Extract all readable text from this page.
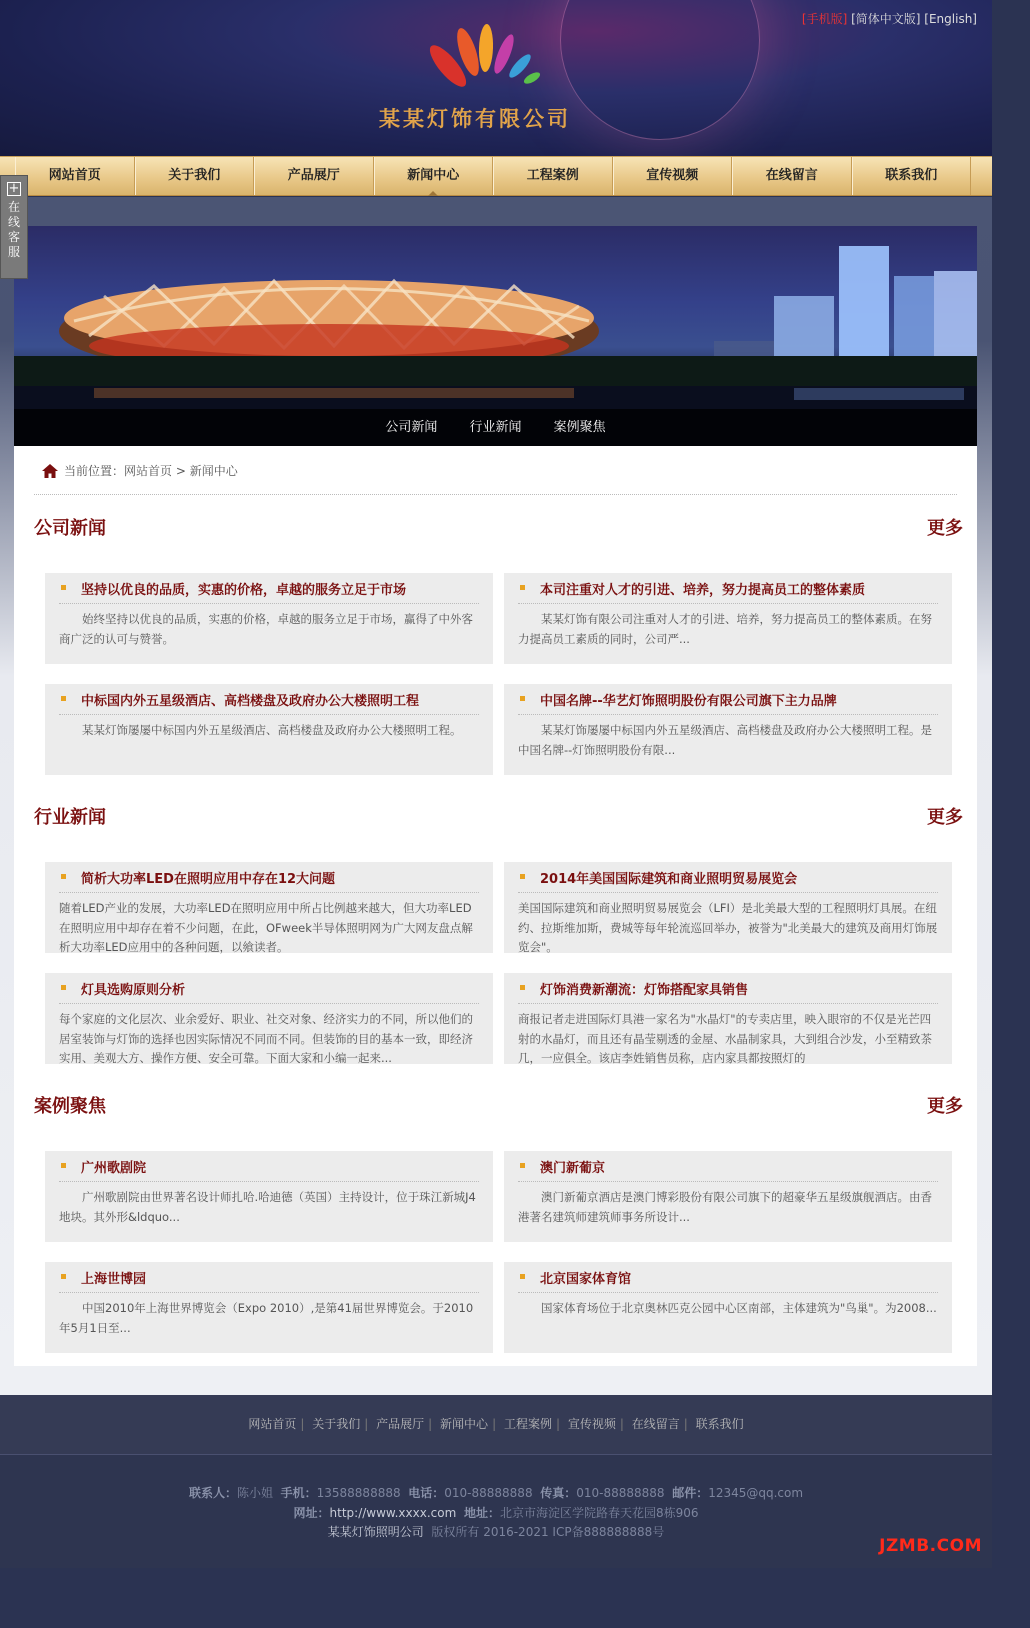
[手机版] [简体中文版] [English]
某某灯饰有限公司
网站首页	关于我们	产品展厅	新闻中心	工程案例	宣传视频	在线留言	联系我们
+
在线客服
公司新闻 行业新闻 案例聚焦
当前位置： 网站首页 > 新闻中心
公司新闻	更多
坚持以优良的品质，实惠的价格，卓越的服务立足于市场
始终坚持以优良的品质，实惠的价格，卓越的服务立足于市场，赢得了中外客商广泛的认可与赞誉。
本司注重对人才的引进、培养，努力提高员工的整体素质
某某灯饰有限公司注重对人才的引进、培养，努力提高员工的整体素质。在努力提高员工素质的同时，公司严...
中标国内外五星级酒店、高档楼盘及政府办公大楼照明工程
某某灯饰屡屡中标国内外五星级酒店、高档楼盘及政府办公大楼照明工程。
中国名牌--华艺灯饰照明股份有限公司旗下主力品牌
某某灯饰屡屡中标国内外五星级酒店、高档楼盘及政府办公大楼照明工程。是中国名牌--灯饰照明股份有限...
行业新闻	更多
简析大功率LED在照明应用中存在12大问题
随着LED产业的发展，大功率LED在照明应用中所占比例越来越大，但大功率LED在照明应用中却存在着不少问题，在此，OFweek半导体照明网为广大网友盘点解析大功率LED应用中的各种问题，以飨读者。
2014年美国国际建筑和商业照明贸易展览会
美国国际建筑和商业照明贸易展览会（LFI）是北美最大型的工程照明灯具展。在纽约、拉斯维加斯，费城等每年轮流巡回举办，被誉为"北美最大的建筑及商用灯饰展览会"。
灯具选购原则分析
每个家庭的文化层次、业余爱好、职业、社交对象、经济实力的不同，所以他们的居室装饰与灯饰的选择也因实际情况不同而不同。但装饰的目的基本一致，即经济实用、美观大方、操作方便、安全可靠。下面大家和小编一起来...
灯饰消费新潮流：灯饰搭配家具销售
商报记者走进国际灯具港一家名为"水晶灯"的专卖店里，映入眼帘的不仅是光芒四射的水晶灯，而且还有晶莹剔透的金屋、水晶制家具，大到组合沙发，小至精致茶几，一应俱全。该店李姓销售员称，店内家具都按照灯的
案例聚焦	更多
广州歌剧院
广州歌剧院由世界著名设计师扎哈.哈迪德（英国）主持设计，位于珠江新城J4地块。其外形&ldquo...
澳门新葡京
澳门新葡京酒店是澳门博彩股份有限公司旗下的超豪华五星级旗舰酒店。由香港著名建筑师建筑师事务所设计...
上海世博园
中国2010年上海世界博览会（Expo 2010）,是第41届世界博览会。于2010年5月1日至...
北京国家体育馆
国家体育场位于北京奥林匹克公园中心区南部，主体建筑为"鸟巢"。为2008...
网站首页 | 关于我们 | 产品展厅 | 新闻中心 | 工程案例 | 宣传视频 | 在线留言 | 联系我们
联系人：陈小姐 手机：13588888888 电话：010-88888888 传真：010-88888888 邮件：12345@qq.com
网址：http://www.xxxx.com 地址：北京市海淀区学院路春天花园8栋906
某某灯饰照明公司 版权所有 2016-2021 ICP备888888888号
JZMB.COM
